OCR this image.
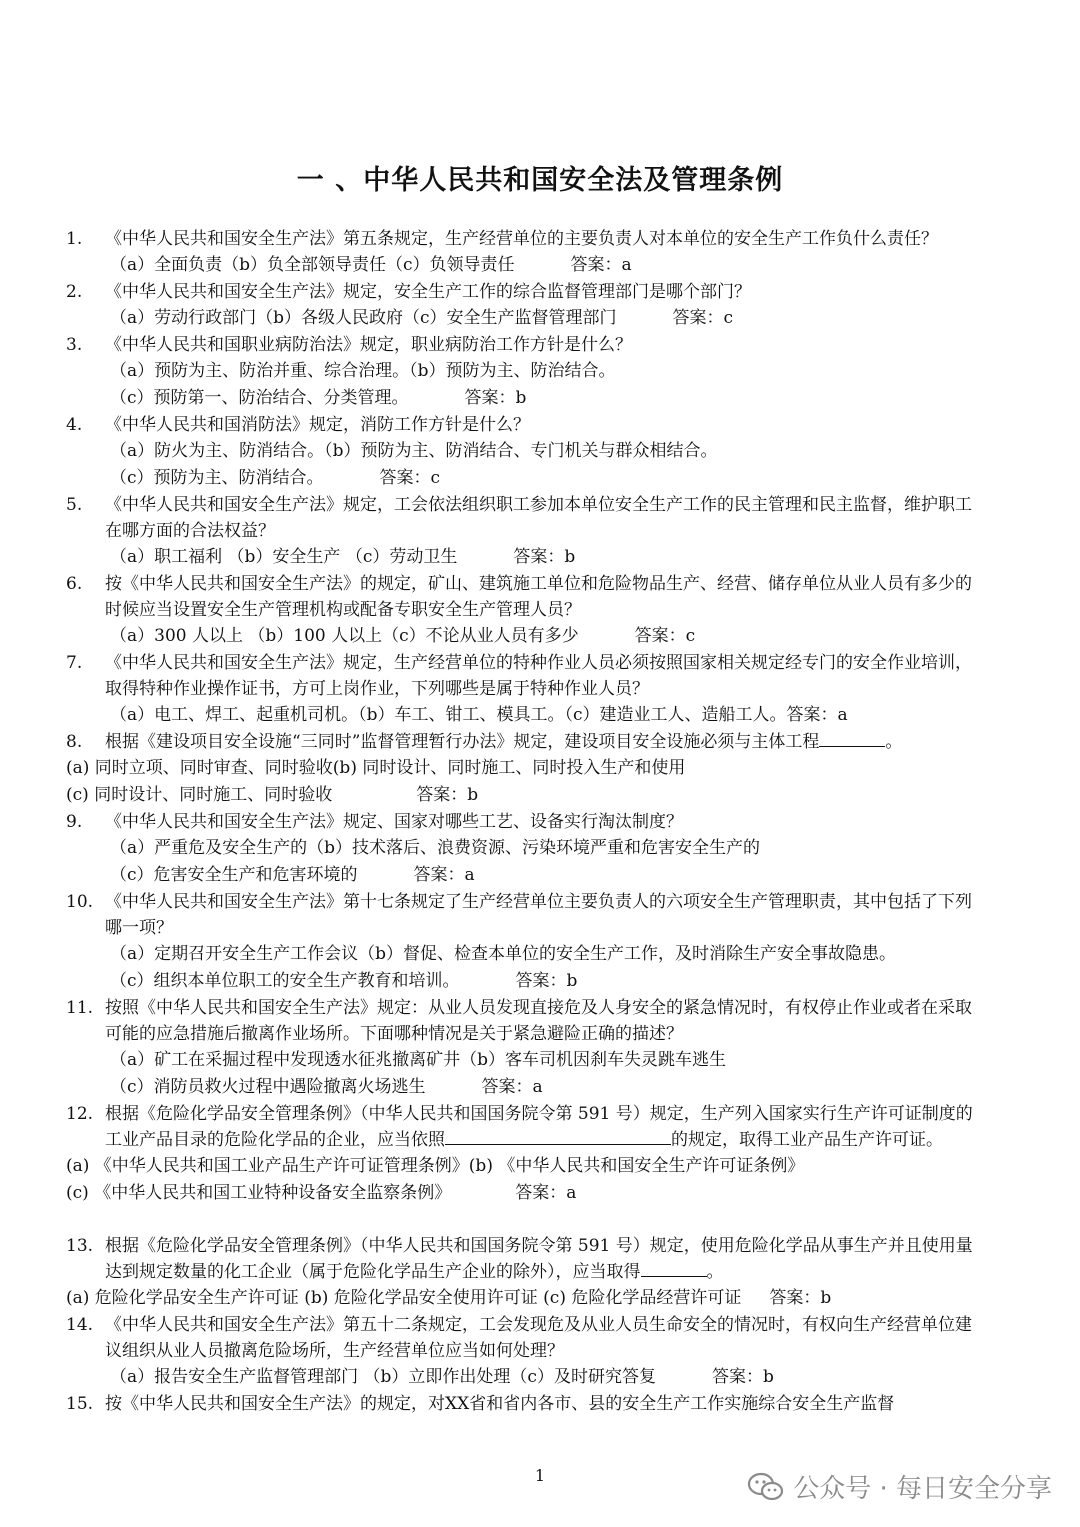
一 、中华人民共和国安全法及管理条例
1. 《中华人民共和国安全生产法》第五条规定，生产经营单位的主要负责人对本单位的安全生产工作负什么责任？
（a）全面负责（b）负全部领导责任（c）负领导责任	答案：a
2. 《中华人民共和国安全生产法》规定，安全生产工作的综合监督管理部门是哪个部门？
（a）劳动行政部门（b）各级人民政府（c）安全生产监督管理部门	答案：c
3. 《中华人民共和国职业病防治法》规定，职业病防治工作方针是什么？
（a）预防为主、防治并重、综合治理。（b）预防为主、防治结合。
（c）预防第一、防治结合、分类管理。	答案：b
4. 《中华人民共和国消防法》规定，消防工作方针是什么？
（a）防火为主、防消结合。（b）预防为主、防消结合、专门机关与群众相结合。
（c）预防为主、防消结合。	答案：c
5. 《中华人民共和国安全生产法》规定，工会依法组织职工参加本单位安全生产工作的民主管理和民主监督，维护职工在哪方面的合法权益？
（a）职工福利 （b）安全生产 （c）劳动卫生	答案：b
6. 按《中华人民共和国安全生产法》的规定，矿山、建筑施工单位和危险物品生产、经营、储存单位从业人员有多少的时候应当设置安全生产管理机构或配备专职安全生产管理人员？
（a）300 人以上 （b）100 人以上（c）不论从业人员有多少	答案：c
7. 《中华人民共和国安全生产法》规定，生产经营单位的特种作业人员必须按照国家相关规定经专门的安全作业培训，取得特种作业操作证书，方可上岗作业，下列哪些是属于特种作业人员？
（a）电工、焊工、起重机司机。（b）车工、钳工、模具工。（c）建造业工人、造船工人。答案：a
8. 根据《建设项目安全设施“三同时”监督管理暂行办法》规定，建设项目安全设施必须与主体工程	。
(a) 同时立项、同时审查、同时验收(b) 同时设计、同时施工、同时投入生产和使用
(c) 同时设计、同时施工、同时验收	答案：b
9. 《中华人民共和国安全生产法》规定、国家对哪些工艺、设备实行淘汰制度？
（a）严重危及安全生产的（b）技术落后、浪费资源、污染环境严重和危害安全生产的
（c）危害安全生产和危害环境的	答案：a
10. 《中华人民共和国安全生产法》第十七条规定了生产经营单位主要负责人的六项安全生产管理职责，其中包括了下列哪一项？
（a）定期召开安全生产工作会议（b）督促、检查本单位的安全生产工作，及时消除生产安全事故隐患。
（c）组织本单位职工的安全生产教育和培训。	答案：b
11. 按照《中华人民共和国安全生产法》规定：从业人员发现直接危及人身安全的紧急情况时，有权停止作业或者在采取可能的应急措施后撤离作业场所。下面哪种情况是关于紧急避险正确的描述？
（a）矿工在采掘过程中发现透水征兆撤离矿井（b）客车司机因刹车失灵跳车逃生
（c）消防员救火过程中遇险撤离火场逃生	答案：a
12. 根据《危险化学品安全管理条例》（中华人民共和国国务院令第 591 号）规定，生产列入国家实行生产许可证制度的工业产品目录的危险化学品的企业，应当依照	的规定，取得工业产品生产许可证。
(a) 《中华人民共和国工业产品生产许可证管理条例》(b) 《中华人民共和国安全生产许可证条例》
(c) 《中华人民共和国工业特种设备安全监察条例》	答案：a
13. 根据《危险化学品安全管理条例》（中华人民共和国国务院令第 591 号）规定，使用危险化学品从事生产并且使用量达到规定数量的化工企业（属于危险化学品生产企业的除外），应当取得	。
(a) 危险化学品安全生产许可证 (b) 危险化学品安全使用许可证 (c) 危险化学品经营许可证 答案：b
14. 《中华人民共和国安全生产法》第五十二条规定，工会发现危及从业人员生命安全的情况时，有权向生产经营单位建议组织从业人员撤离危险场所，生产经营单位应当如何处理？
（a）报告安全生产监督管理部门 （b）立即作出处理（c）及时研究答复	答案：b
15. 按《中华人民共和国安全生产法》的规定，对XX省和省内各市、县的安全生产工作实施综合安全生产监督
1	公众号 · 每日安全分享
